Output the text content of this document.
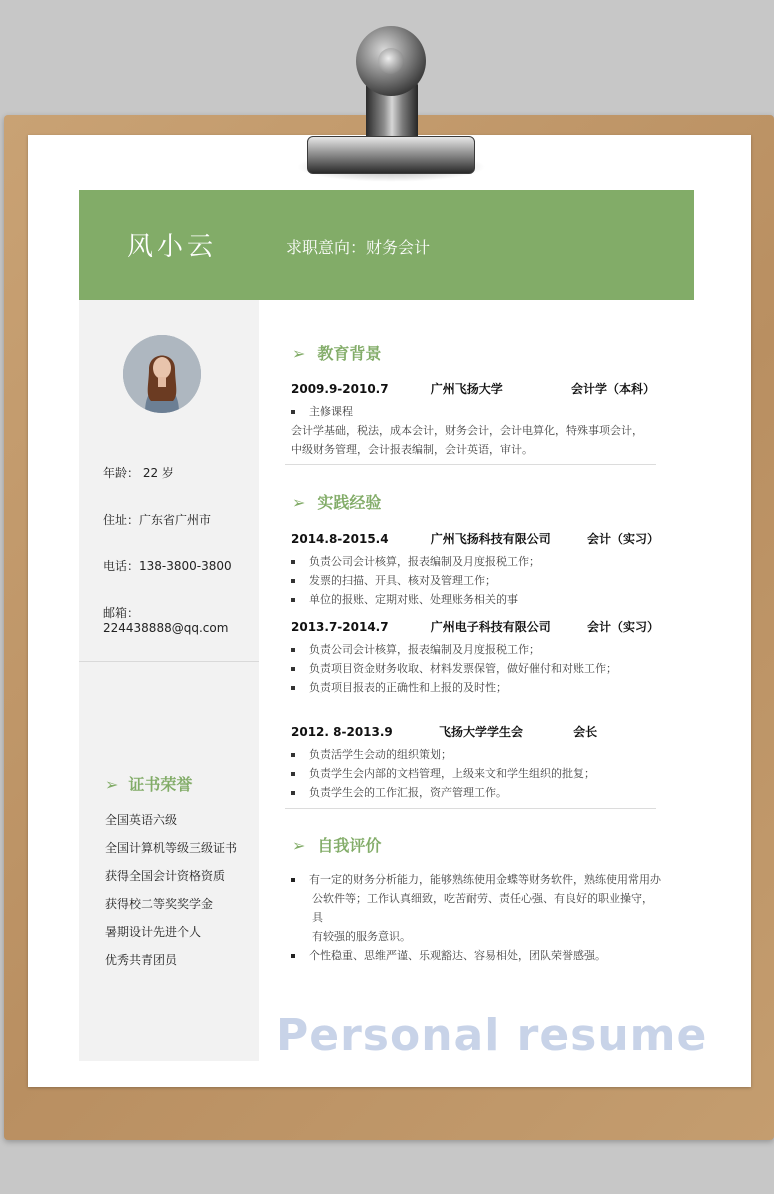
风小云	求职意向：财务会计
年龄： 22 岁
住址：广东省广州市
电话：138-3800-3800
邮箱：224438888@qq.com
➢ 证书荣誉
全国英语六级
全国计算机等级三级证书
获得全国会计资格资质
获得校二等奖奖学金
暑期设计先进个人
优秀共青团员
➢ 教育背景
2009.9-2010.7	广州飞扬大学	会计学（本科）
主修课程
会计学基础，税法，成本会计，财务会计，会计电算化，特殊事项会计，
中级财务管理，会计报表编制，会计英语，审计。
➢ 实践经验
2014.8-2015.4	广州飞扬科技有限公司	会计（实习）
负责公司会计核算，报表编制及月度报税工作；
发票的扫描、开具、核对及管理工作；
单位的报账、定期对账、处理账务相关的事
2013.7-2014.7	广州电子科技有限公司	会计（实习）
负责公司会计核算，报表编制及月度报税工作；
负责项目资金财务收取、材料发票保管，做好催付和对账工作；
负责项目报表的正确性和上报的及时性；
2012. 8-2013.9	飞扬大学学生会	会长
负责活学生会动的组织策划；
负责学生会内部的文档管理，上级来文和学生组织的批复；
负责学生会的工作汇报，资产管理工作。
➢ 自我评价
有一定的财务分析能力，能够熟练使用金蝶等财务软件，熟练使用常用办
公软件等；工作认真细致，吃苦耐劳、责任心强、有良好的职业操守，具
有较强的服务意识。
个性稳重、思维严谨、乐观豁达、容易相处，团队荣誉感强。
Personal resume
